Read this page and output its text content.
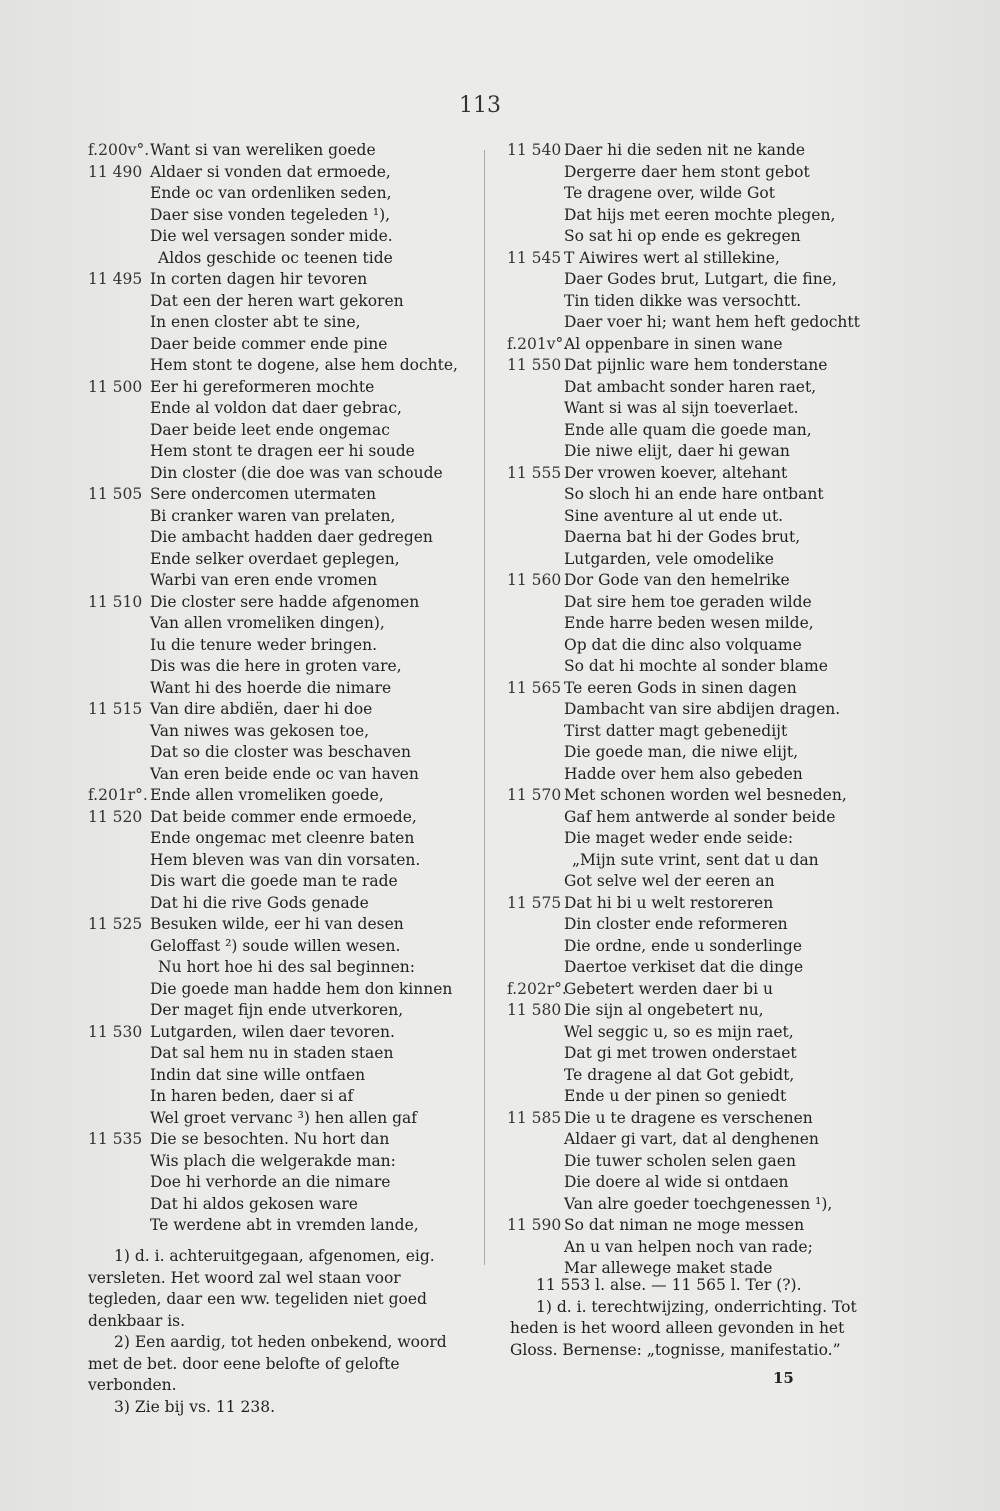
113
f.200v°.Want si van wereliken goede
11 490 Aldaer si vonden dat ermoede,
Ende oc van ordenliken seden,
Daer sise vonden tegeleden ¹),
Die wel versagen sonder mide.
Aldos geschide oc teenen tide
11 495 In corten dagen hir tevoren
Dat een der heren wart gekoren
In enen closter abt te sine,
Daer beide commer ende pine
Hem stont te dogene, alse hem dochte,
11 500 Eer hi gereformeren mochte
Ende al voldon dat daer gebrac,
Daer beide leet ende ongemac
Hem stont te dragen eer hi soude
Din closter (die doe was van schoude
11 505 Sere ondercomen utermaten
Bi cranker waren van prelaten,
Die ambacht hadden daer gedregen
Ende selker overdaet geplegen,
Warbi van eren ende vromen
11 510 Die closter sere hadde afgenomen
Van allen vromeliken dingen),
Iu die tenure weder bringen.
Dis was die here in groten vare,
Want hi des hoerde die nimare
11 515 Van dire abdiën, daer hi doe
Van niwes was gekosen toe,
Dat so die closter was beschaven
Van eren beide ende oc van haven
f.201r°. Ende allen vromeliken goede,
11 520 Dat beide commer ende ermoede,
Ende ongemac met cleenre baten
Hem bleven was van din vorsaten.
Dis wart die goede man te rade
Dat hi die rive Gods genade
11 525 Besuken wilde, eer hi van desen
Geloffast ²) soude willen wesen.
Nu hort hoe hi des sal beginnen:
Die goede man hadde hem don kinnen
Der maget fijn ende utverkoren,
11 530 Lutgarden, wilen daer tevoren.
Dat sal hem nu in staden staen
Indin dat sine wille ontfaen
In haren beden, daer si af
Wel groet vervanc ³) hen allen gaf
11 535 Die se besochten. Nu hort dan
Wis plach die welgerakde man:
Doe hi verhorde an die nimare
Dat hi aldos gekosen ware
Te werdene abt in vremden lande,
11 540 Daer hi die seden nit ne kande
Dergerre daer hem stont gebot
Te dragene over, wilde Got
Dat hijs met eeren mochte plegen,
So sat hi op ende es gekregen
11 545 T Aiwires wert al stillekine,
Daer Godes brut, Lutgart, die fine,
Tin tiden dikke was versochtt.
Daer voer hi; want hem heft gedochtt
f.201v°.Al oppenbare in sinen wane
11 550 Dat pijnlic ware hem tonderstane
Dat ambacht sonder haren raet,
Want si was al sijn toeverlaet.
Ende alle quam die goede man,
Die niwe elijt, daer hi gewan
11 555 Der vrowen koever, altehant
So sloch hi an ende hare ontbant
Sine aventure al ut ende ut.
Daerna bat hi der Godes brut,
Lutgarden, vele omodelike
11 560 Dor Gode van den hemelrike
Dat sire hem toe geraden wilde
Ende harre beden wesen milde,
Op dat die dinc also volquame
So dat hi mochte al sonder blame
11 565 Te eeren Gods in sinen dagen
Dambacht van sire abdijen dragen.
Tirst datter magt gebenedijt
Die goede man, die niwe elijt,
Hadde over hem also gebeden
11 570 Met schonen worden wel besneden,
Gaf hem antwerde al sonder beide
Die maget weder ende seide:
„Mijn sute vrint, sent dat u dan
Got selve wel der eeren an
11 575 Dat hi bi u welt restoreren
Din closter ende reformeren
Die ordne, ende u sonderlinge
Daertoe verkiset dat die dinge
f.202r°.Gebetert werden daer bi u
11 580 Die sijn al ongebetert nu,
Wel seggic u, so es mijn raet,
Dat gi met trowen onderstaet
Te dragene al dat Got gebidt,
Ende u der pinen so geniedt
11 585 Die u te dragene es verschenen
Aldaer gi vart, dat al denghenen
Die tuwer scholen selen gaen
Die doere al wide si ontdaen
Van alre goeder toechgenessen ¹),
11 590 So dat niman ne moge messen
An u van helpen noch van rade;
Mar allewege maket stade

1) d. i. achteruitgegaan, afgenomen, eig. versleten. Het woord zal wel staan voor tegleden, daar een ww. tegeliden niet goed denkbaar is.

2) Een aardig, tot heden onbekend, woord met de bet. door eene belofte of gelofte verbonden.

3) Zie bij vs. 11 238.

11 553 l. alse. — 11 565 l. Ter (?).

1) d. i. terechtwijzing, onderrichting. Tot heden is het woord alleen gevonden in het Gloss. Bernense: „tognisse, manifestatio.”

15
